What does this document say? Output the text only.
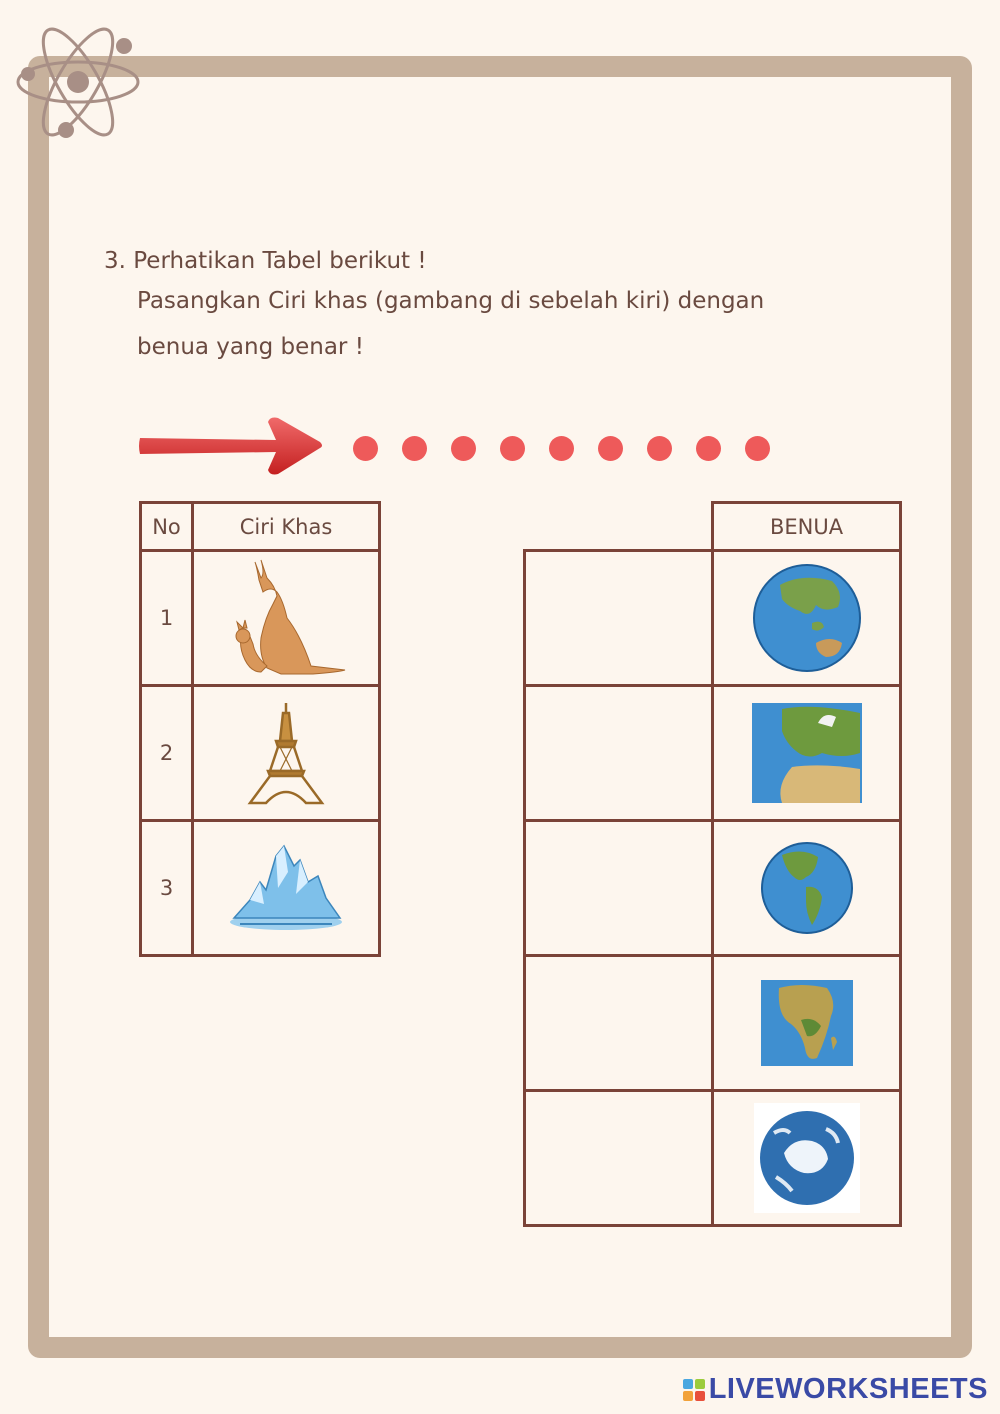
3. Perhatikan Tabel berikut !
Pasangkan Ciri khas (gambang di sebelah kiri) dengan
benua yang benar !
No	Ciri Khas
1	

2	

3	
	BENUA

LIVEWORKSHEETS
